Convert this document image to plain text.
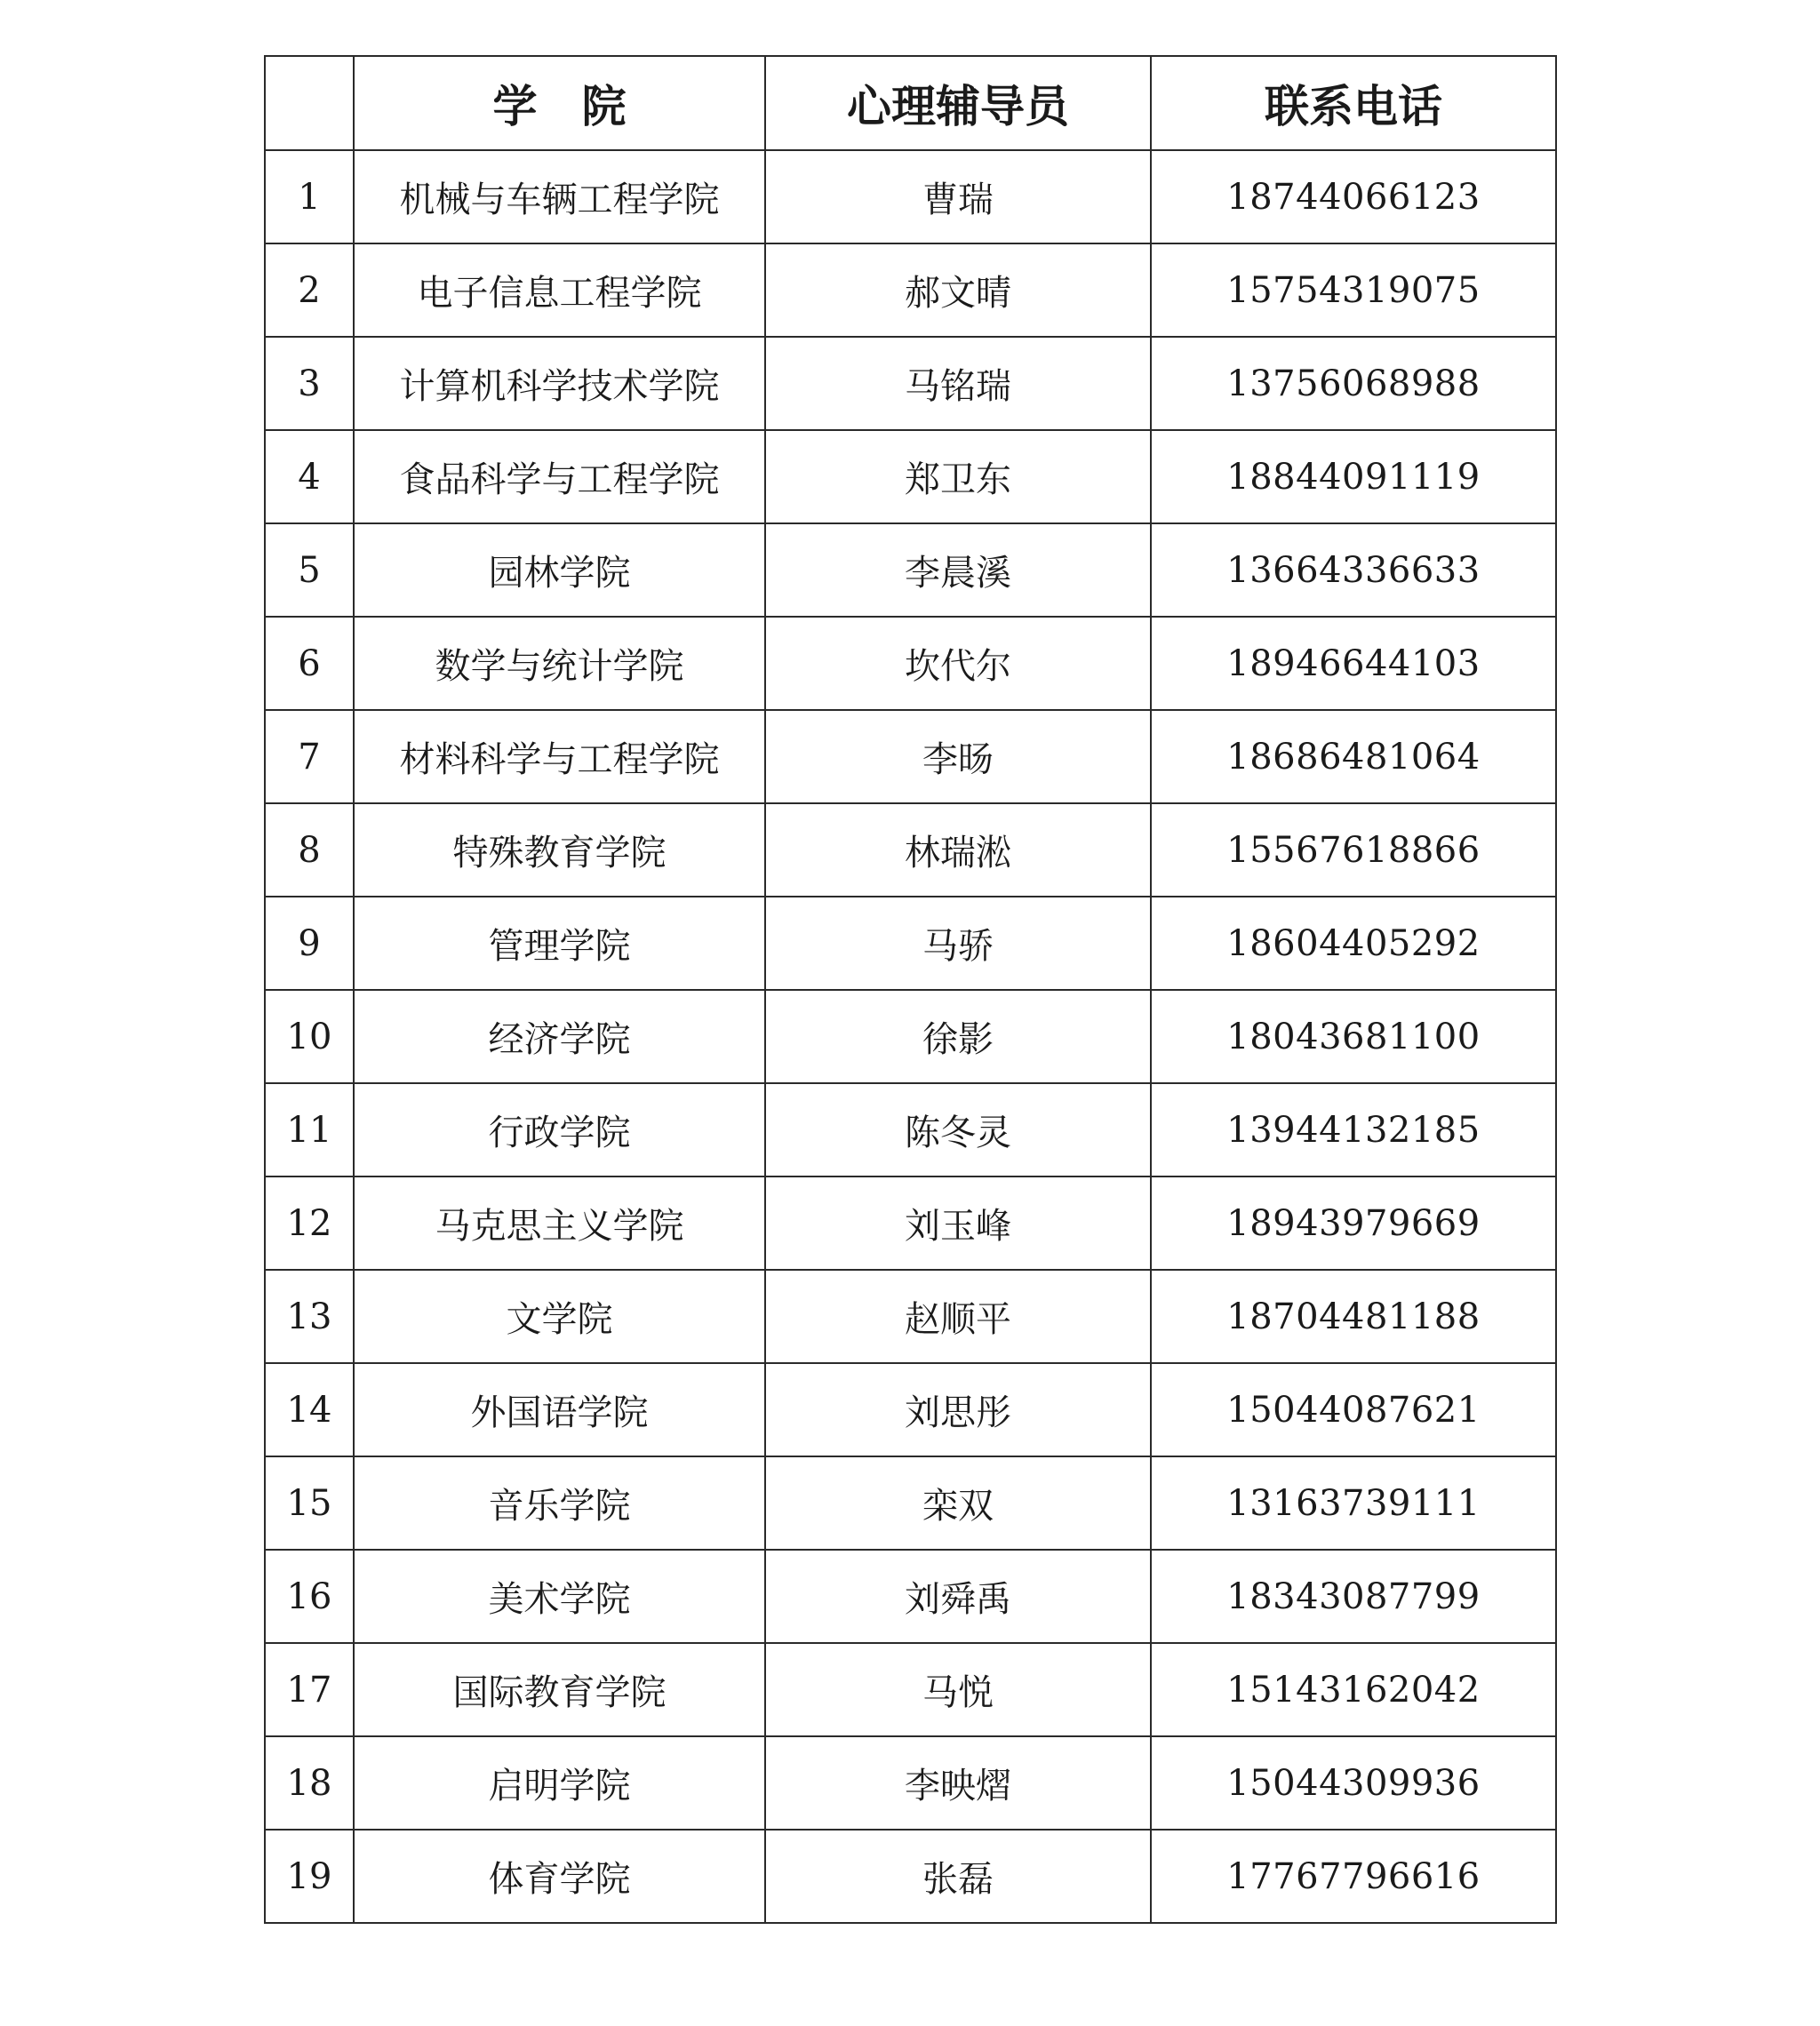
	学　院	心理辅导员	联系电话
1	机械与车辆工程学院	曹瑞	18744066123
2	电子信息工程学院	郝文晴	15754319075
3	计算机科学技术学院	马铭瑞	13756068988
4	食品科学与工程学院	郑卫东	18844091119
5	园林学院	李晨溪	13664336633
6	数学与统计学院	坎代尔	18946644103
7	材料科学与工程学院	李旸	18686481064
8	特殊教育学院	林瑞淞	15567618866
9	管理学院	马骄	18604405292
10	经济学院	徐影	18043681100
11	行政学院	陈冬灵	13944132185
12	马克思主义学院	刘玉峰	18943979669
13	文学院	赵顺平	18704481188
14	外国语学院	刘思彤	15044087621
15	音乐学院	栾双	13163739111
16	美术学院	刘舜禹	18343087799
17	国际教育学院	马悦	15143162042
18	启明学院	李映熠	15044309936
19	体育学院	张磊	17767796616
